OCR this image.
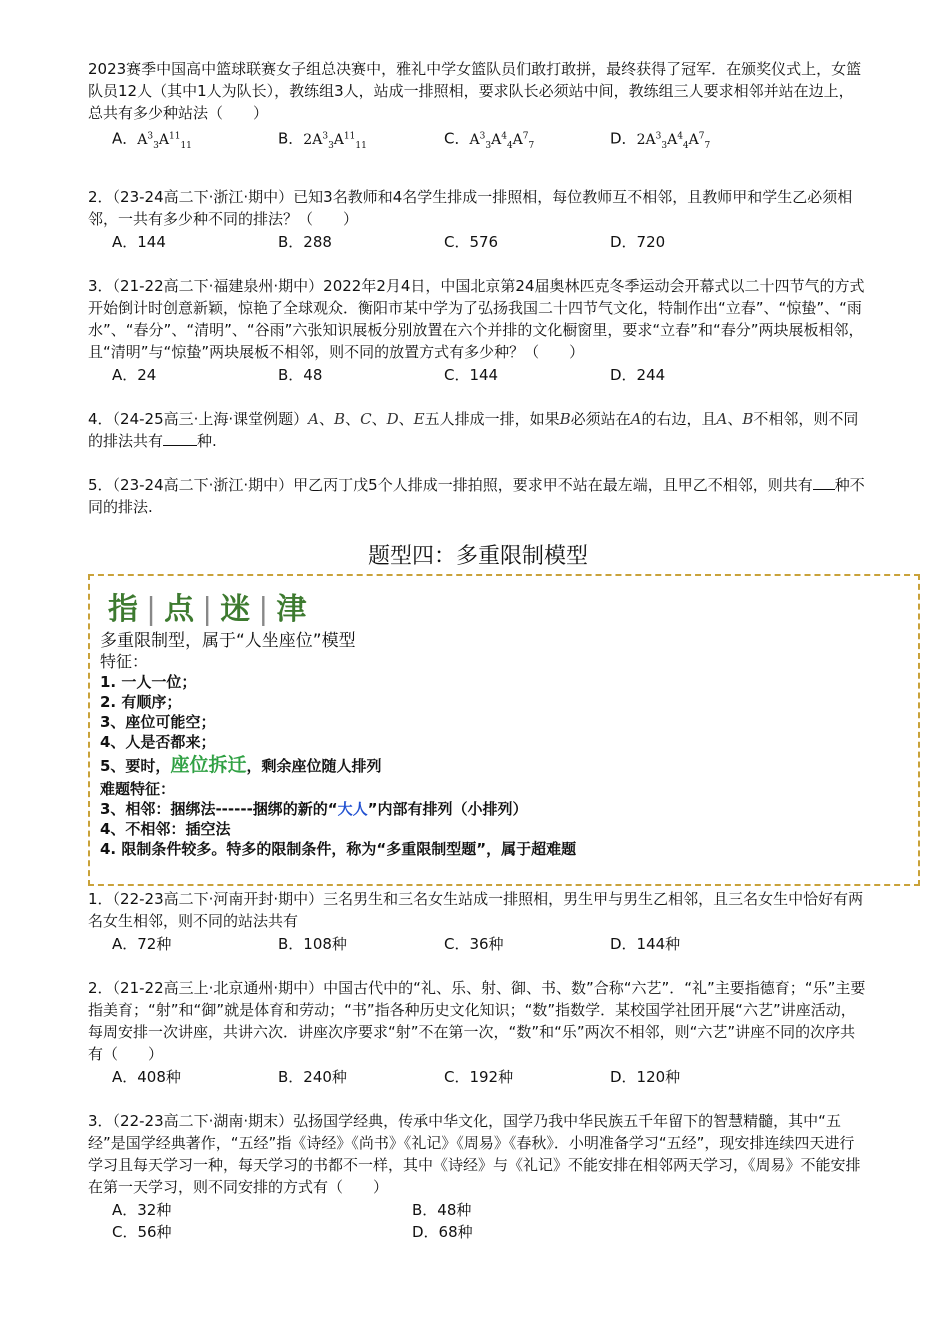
2023赛季中国高中篮球联赛女子组总决赛中，雅礼中学女篮队员们敢打敢拼，最终获得了冠军．在颁奖仪式上，女篮队员12人（其中1人为队长），教练组3人，站成一排照相，要求队长必须站中间，教练组三人要求相邻并站在边上，总共有多少种站法（　　）

A．$A^3_3A^{11}_{11}$	B．$2A^3_3A^{11}_{11}$	C．$A^3_3A^4_4A^7_7$	D．$2A^3_3A^4_4A^7_7$

2．（23-24高二下·浙江·期中）已知3名教师和4名学生排成一排照相，每位教师互不相邻，且教师甲和学生乙必须相邻，一共有多少种不同的排法？（　　）

A．144	B．288	C．576	D．720

3．（21-22高二下·福建泉州·期中）2022年2月4日，中国北京第24届奥林匹克冬季运动会开幕式以二十四节气的方式开始倒计时创意新颖，惊艳了全球观众．衡阳市某中学为了弘扬我国二十四节气文化，特制作出“立春”、“惊蛰”、“雨水”、“春分”、“清明”、“谷雨”六张知识展板分别放置在六个并排的文化橱窗里，要求“立春”和“春分”两块展板相邻，且“清明”与“惊蛰”两块展板不相邻，则不同的放置方式有多少种？（　　）

A．24	B．48	C．144	D．244

4．（24-25高三·上海·课堂例题）A、B、C、D、E五人排成一排，如果B必须站在A的右边，且A、B不相邻，则不同的排法共有 种.

5．（23-24高二下·浙江·期中）甲乙丙丁戊5个人排成一排拍照，要求甲不站在最左端，且甲乙不相邻，则共有 种不同的排法.

题型四：多重限制模型
指 | 点 | 迷 | 津
多重限制型，属于“人坐座位”模型
特征：
1. 一人一位；
2. 有顺序；
3、座位可能空；
4、人是否都来；
5、要时，座位拆迁，剩余座位随人排列
难题特征：
3、相邻：捆绑法------捆绑的新的“大人”内部有排列（小排列）
4、不相邻：插空法
4. 限制条件较多。特多的限制条件，称为“多重限制型题”，属于超难题

1．（22-23高二下·河南开封·期中）三名男生和三名女生站成一排照相，男生甲与男生乙相邻，且三名女生中恰好有两名女生相邻，则不同的站法共有

A．72种	B．108种	C．36种	D．144种

2．（21-22高三上·北京通州·期中）中国古代中的“礼、乐、射、御、书、数”合称“六艺”．“礼”主要指德育；“乐”主要指美育；“射”和“御”就是体育和劳动；“书”指各种历史文化知识；“数”指数学．某校国学社团开展“六艺”讲座活动，每周安排一次讲座，共讲六次．讲座次序要求“射”不在第一次，“数”和“乐”两次不相邻，则“六艺”讲座不同的次序共有（　　）

A．408种	B．240种	C．192种	D．120种

3．（22-23高二下·湖南·期末）弘扬国学经典，传承中华文化，国学乃我中华民族五千年留下的智慧精髓，其中“五经”是国学经典著作，“五经”指《诗经》《尚书》《礼记》《周易》《春秋》．小明准备学习“五经”，现安排连续四天进行学习且每天学习一种，每天学习的书都不一样，其中《诗经》与《礼记》不能安排在相邻两天学习，《周易》不能安排在第一天学习，则不同安排的方式有（　　）

A．32种	B．48种
C．56种	D．68种
